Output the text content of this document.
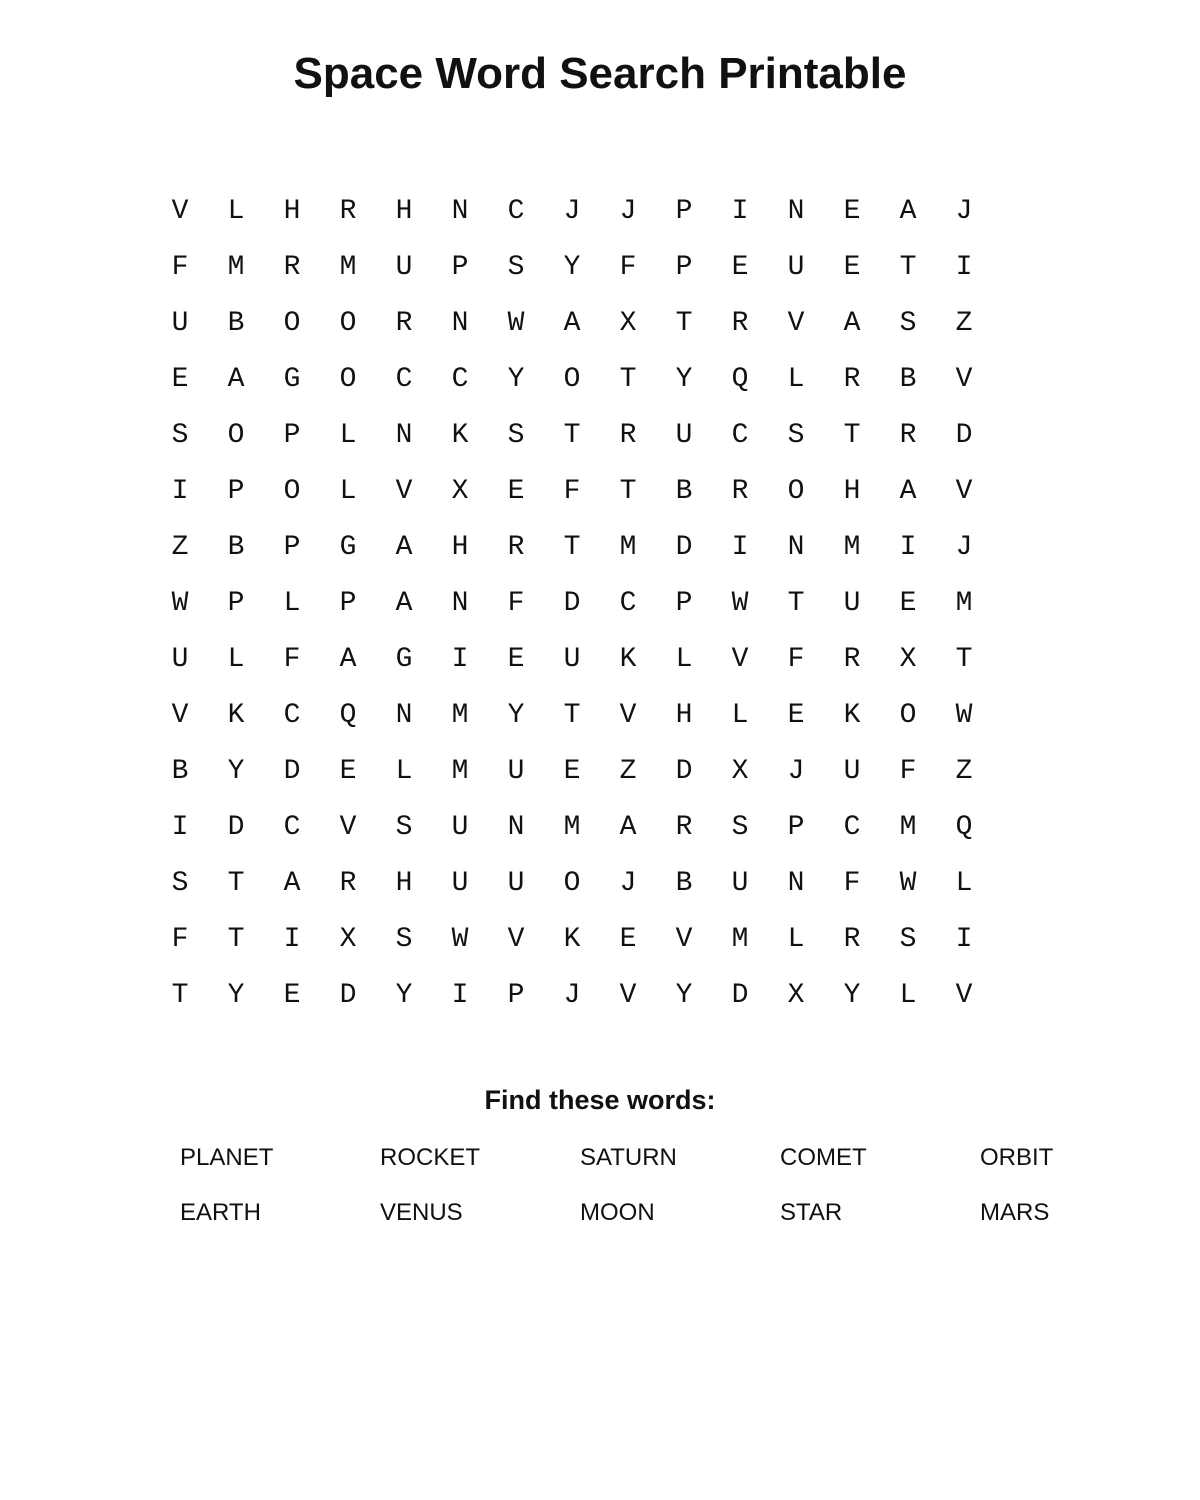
Space Word Search Printable
V	L	H	R	H	N	C	J	J	P	I	N	E	A	J
F	M	R	M	U	P	S	Y	F	P	E	U	E	T	I
U	B	O	O	R	N	W	A	X	T	R	V	A	S	Z
E	A	G	O	C	C	Y	O	T	Y	Q	L	R	B	V
S	O	P	L	N	K	S	T	R	U	C	S	T	R	D
I	P	O	L	V	X	E	F	T	B	R	O	H	A	V
Z	B	P	G	A	H	R	T	M	D	I	N	M	I	J
W	P	L	P	A	N	F	D	C	P	W	T	U	E	M
U	L	F	A	G	I	E	U	K	L	V	F	R	X	T
V	K	C	Q	N	M	Y	T	V	H	L	E	K	O	W
B	Y	D	E	L	M	U	E	Z	D	X	J	U	F	Z
I	D	C	V	S	U	N	M	A	R	S	P	C	M	Q
S	T	A	R	H	U	U	O	J	B	U	N	F	W	L
F	T	I	X	S	W	V	K	E	V	M	L	R	S	I
T	Y	E	D	Y	I	P	J	V	Y	D	X	Y	L	V
Find these words:
PLANET	ROCKET	SATURN	COMET	ORBIT
EARTH	VENUS	MOON	STAR	MARS
